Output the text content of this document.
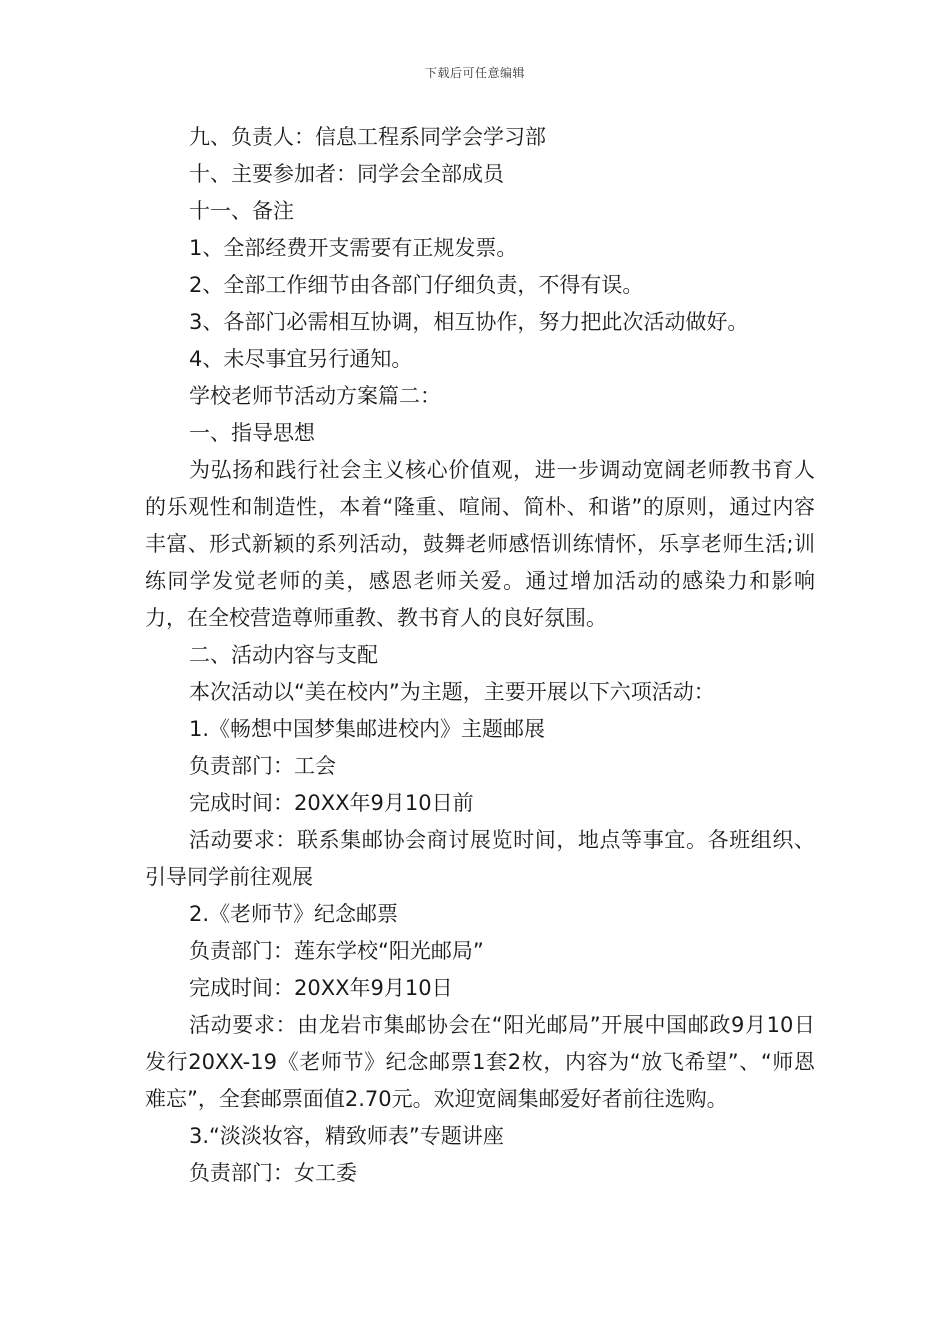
下载后可任意编辑
九、负责人：信息工程系同学会学习部
十、主要参加者：同学会全部成员
十一、备注
1、全部经费开支需要有正规发票。
2、全部工作细节由各部门仔细负责，不得有误。
3、各部门必需相互协调，相互协作，努力把此次活动做好。
4、未尽事宜另行通知。
学校老师节活动方案篇二：
一、指导思想

为弘扬和践行社会主义核心价值观，进一步调动宽阔老师教书育人的乐观性和制造性，本着“隆重、喧闹、简朴、和谐”的原则，通过内容丰富、形式新颖的系列活动，鼓舞老师感悟训练情怀，乐享老师生活;训练同学发觉老师的美，感恩老师关爱。通过增加活动的感染力和影响力，在全校营造尊师重教、教书育人的良好氛围。

二、活动内容与支配
本次活动以“美在校内”为主题，主要开展以下六项活动：
1.《畅想中国梦集邮进校内》主题邮展
负责部门：工会
完成时间：20XX年9月10日前

活动要求：联系集邮协会商讨展览时间，地点等事宜。各班组织、引导同学前往观展

2.《老师节》纪念邮票
负责部门：莲东学校“阳光邮局”
完成时间：20XX年9月10日

活动要求：由龙岩市集邮协会在“阳光邮局”开展中国邮政9月10日发行20XX-19《老师节》纪念邮票1套2枚，内容为“放飞希望”、“师恩难忘”，全套邮票面值2.70元。欢迎宽阔集邮爱好者前往选购。

3.“淡淡妆容，精致师表”专题讲座
负责部门：女工委
